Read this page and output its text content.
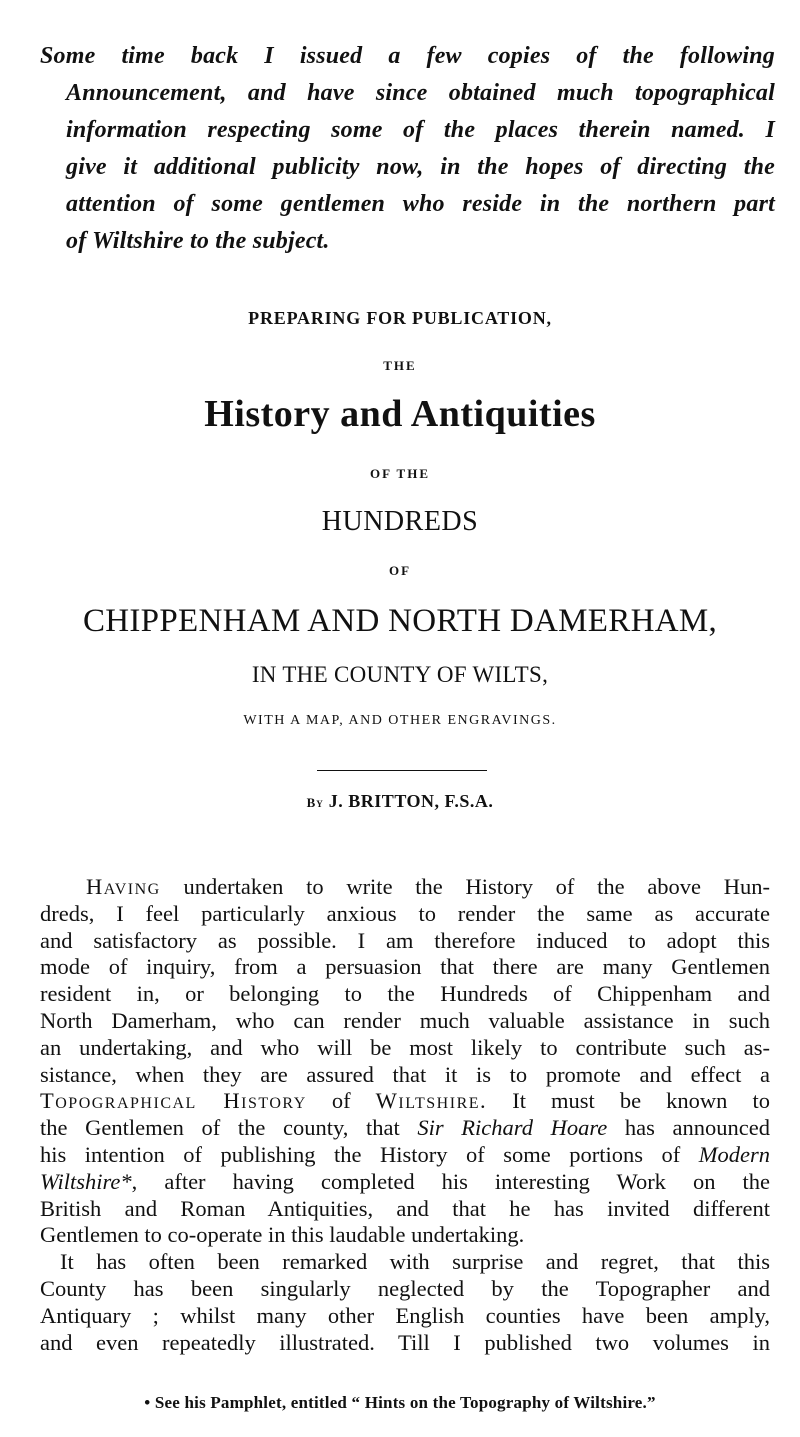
Some time back I issued a few copies of the following
Announcement, and have since obtained much topographical
information respecting some of the places therein named. I
give it additional publicity now, in the hopes of directing the
attention of some gentlemen who reside in the northern part
of Wiltshire to the subject.
PREPARING FOR PUBLICATION,
THE
History and Antiquities
OF THE
HUNDREDS
OF
CHIPPENHAM AND NORTH DAMERHAM,
IN THE COUNTY OF WILTS,
WITH A MAP, AND OTHER ENGRAVINGS.
By J. BRITTON, F.S.A.
Having undertaken to write the History of the above Hun-
dreds, I feel particularly anxious to render the same as accurate
and satisfactory as possible. I am therefore induced to adopt this
mode of inquiry, from a persuasion that there are many Gentlemen
resident in, or belonging to the Hundreds of Chippenham and
North Damerham, who can render much valuable assistance in such
an undertaking, and who will be most likely to contribute such as-
sistance, when they are assured that it is to promote and effect a
Topographical History of Wiltshire. It must be known to
the Gentlemen of the county, that Sir Richard Hoare has announced
his intention of publishing the History of some portions of Modern
Wiltshire*, after having completed his interesting Work on the
British and Roman Antiquities, and that he has invited different
Gentlemen to co-operate in this laudable undertaking.
It has often been remarked with surprise and regret, that this
County has been singularly neglected by the Topographer and
Antiquary ; whilst many other English counties have been amply,
and even repeatedly illustrated. Till I published two volumes in
• See his Pamphlet, entitled “ Hints on the Topography of Wiltshire.”
